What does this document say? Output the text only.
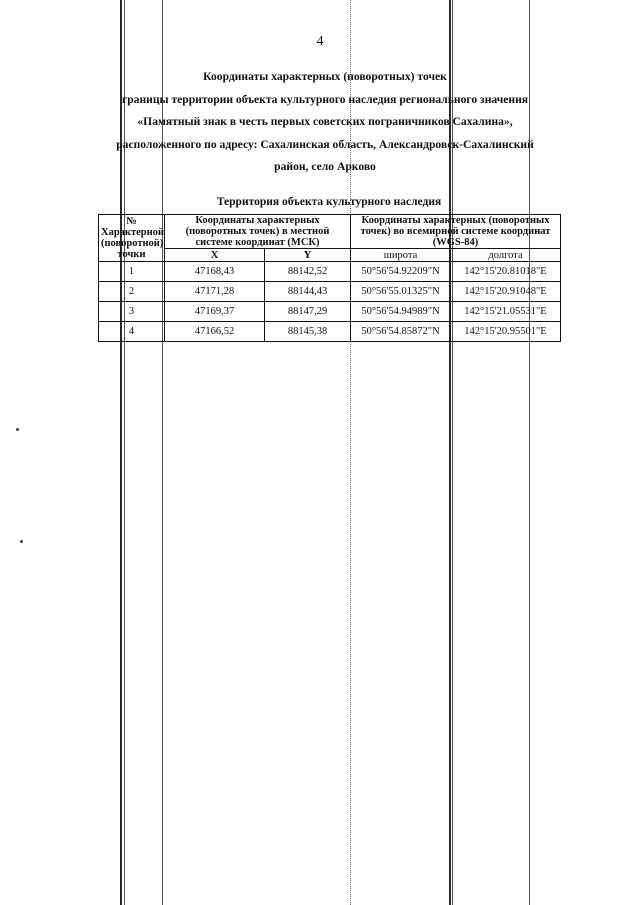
4
Координаты характерных (поворотных) точек
границы территории объекта культурного наследия регионального значения
«Памятный знак в честь первых советских пограничников Сахалина»,
расположенного по адресу: Сахалинская область, Александровск-Сахалинский
район, село Арково
Территория объекта культурного наследия
№ Характерной (поворотной) точки	Координаты характерных (поворотных точек) в местной системе координат (МСК)		Координаты характерных (поворотных точек) во всемирной системе координат (WGS-84)	
	X	Y	широта	долгота
1	47168,43	88142,52	50°56'54.92209"N	142°15'20.81018"E
2	47171,28	88144,43	50°56'55.01325"N	142°15'20.91048"E
3	47169,37	88147,29	50°56'54.94989"N	142°15'21.05531"E
4	47166,52	88145,38	50°56'54.85872"N	142°15'20.95501"E
